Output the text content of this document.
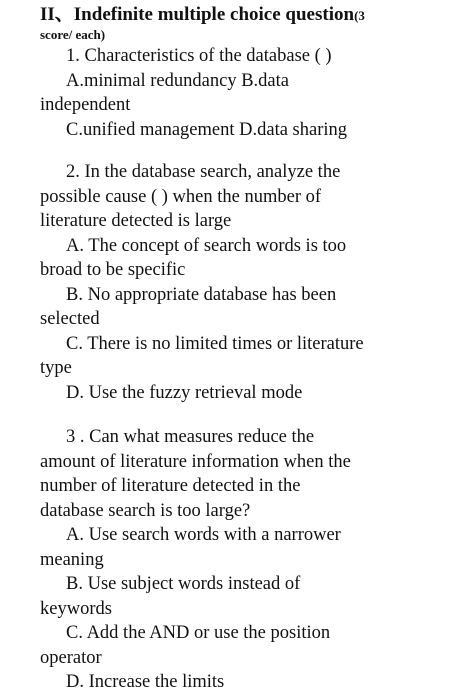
II、Indefinite multiple choice question(3
score/ each)
1. Characteristics of the database ( )
A.minimal redundancy B.data
independent
C.unified management D.data sharing
2. In the database search, analyze the
possible cause ( ) when the number of
literature detected is large
A. The concept of search words is too
broad to be specific
B. No appropriate database has been
selected
C. There is no limited times or literature
type
D. Use the fuzzy retrieval mode
3 . Can what measures reduce the
amount of literature information when the
number of literature detected in the
database search is too large?
A. Use search words with a narrower
meaning
B. Use subject words instead of
keywords
C. Add the AND or use the position
operator
D. Increase the limits
